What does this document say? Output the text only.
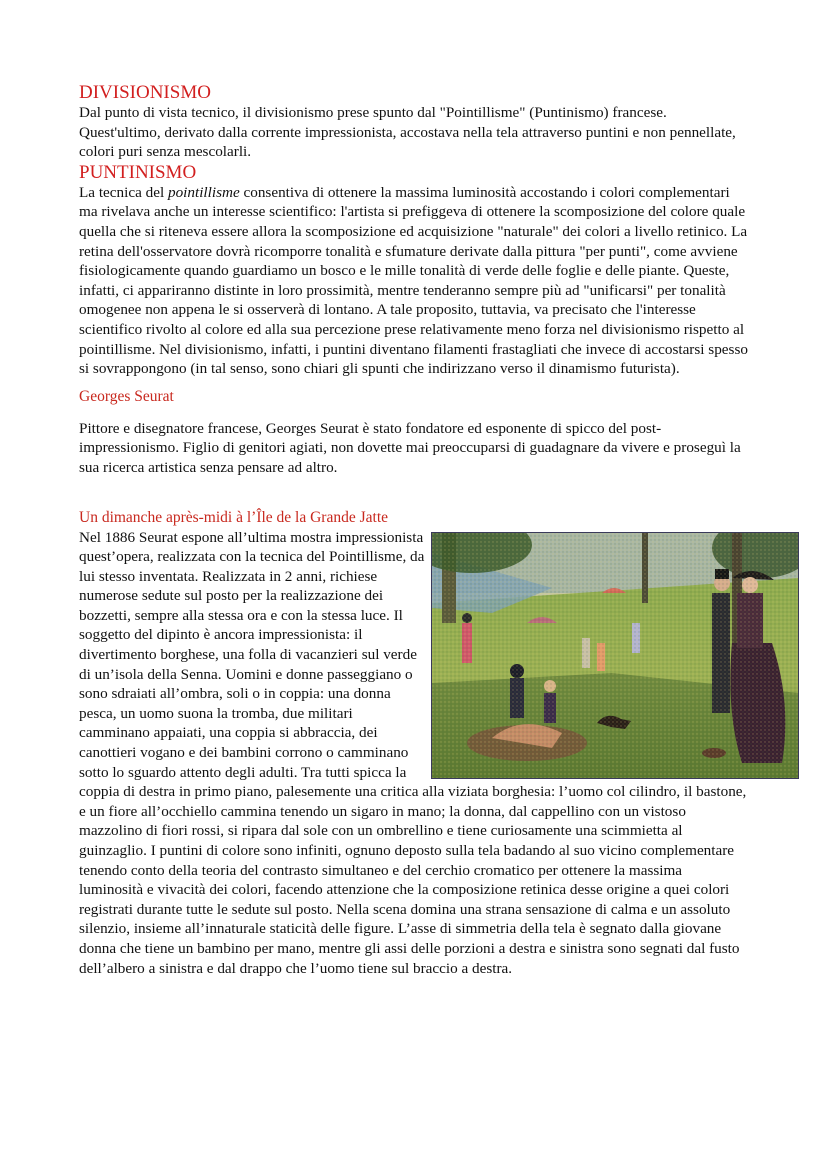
DIVISIONISMO

Dal punto di vista tecnico, il divisionismo prese spunto dal "Pointillisme" (Puntinismo) francese. Quest'ultimo, derivato dalla corrente impressionista, accostava nella tela attraverso puntini e non pennellate, colori puri senza mescolarli.

PUNTINISMO

La tecnica del pointillisme consentiva di ottenere la massima luminosità accostando i colori complementari ma rivelava anche un interesse scientifico: l'artista si prefiggeva di ottenere la scomposizione del colore quale quella che si riteneva essere allora la scomposizione ed acquisizione "naturale" dei colori a livello retinico. La retina dell'osservatore dovrà ricomporre tonalità e sfumature derivate dalla pittura "per punti", come avviene fisiologicamente quando guardiamo un bosco e le mille tonalità di verde delle foglie e delle piante. Queste, infatti, ci appariranno distinte in loro prossimità, mentre tenderanno sempre più ad "unificarsi" per tonalità omogenee non appena le si osserverà di lontano. A tale proposito, tuttavia, va precisato che l'interesse scientifico rivolto al colore ed alla sua percezione prese relativamente meno forza nel divisionismo rispetto al pointillisme. Nel divisionismo, infatti, i puntini diventano filamenti frastagliati che invece di accostarsi spesso si sovrappongono (in tal senso, sono chiari gli spunti che indirizzano verso il dinamismo futurista).

Georges Seurat

Pittore e disegnatore francese, Georges Seurat è stato fondatore ed esponente di spicco del post-impressionismo. Figlio di genitori agiati, non dovette mai preoccuparsi di guadagnare da vivere e proseguì la sua ricerca artistica senza pensare ad altro.

Un dimanche après-midi à l’Île de la Grande Jatte

Nel 1886 Seurat espone all’ultima mostra impressionista quest’opera, realizzata con la tecnica del Pointillisme, da lui stesso inventata. Realizzata in 2 anni, richiese numerose sedute sul posto per la realizzazione dei bozzetti, sempre alla stessa ora e con la stessa luce. Il soggetto del dipinto è ancora impressionista: il divertimento borghese, una folla di vacanzieri sul verde di un’isola della Senna. Uomini e donne passeggiano o sono sdraiati all’ombra, soli o in coppia: una donna pesca, un uomo suona la tromba, due militari camminano appaiati, una coppia si abbraccia, dei canottieri vogano e dei bambini corrono o camminano sotto lo sguardo attento degli adulti. Tra tutti spicca la coppia di destra in primo piano, palesemente una critica alla viziata borghesia: l’uomo col cilindro, il bastone, e un fiore all’occhiello cammina tenendo un sigaro in mano; la donna, dal cappellino con un vistoso mazzolino di fiori rossi, si ripara dal sole con un ombrellino e tiene curiosamente una scimmietta al guinzaglio. I puntini di colore sono infiniti, ognuno deposto sulla tela badando al suo vicino complementare tenendo conto della teoria del contrasto simultaneo e del cerchio cromatico per ottenere la massima luminosità e vivacità dei colori, facendo attenzione che la composizione retinica desse origine a quei colori registrati durante tutte le sedute sul posto. Nella scena domina una strana sensazione di calma e un assoluto silenzio, insieme all’innaturale staticità delle figure. L’asse di simmetria della tela è segnato dalla giovane donna che tiene un bambino per mano, mentre gli assi delle porzioni a destra e sinistra sono segnati dal fusto dell’albero a sinistra e dal drappo che l’uomo tiene sul braccio a destra.
